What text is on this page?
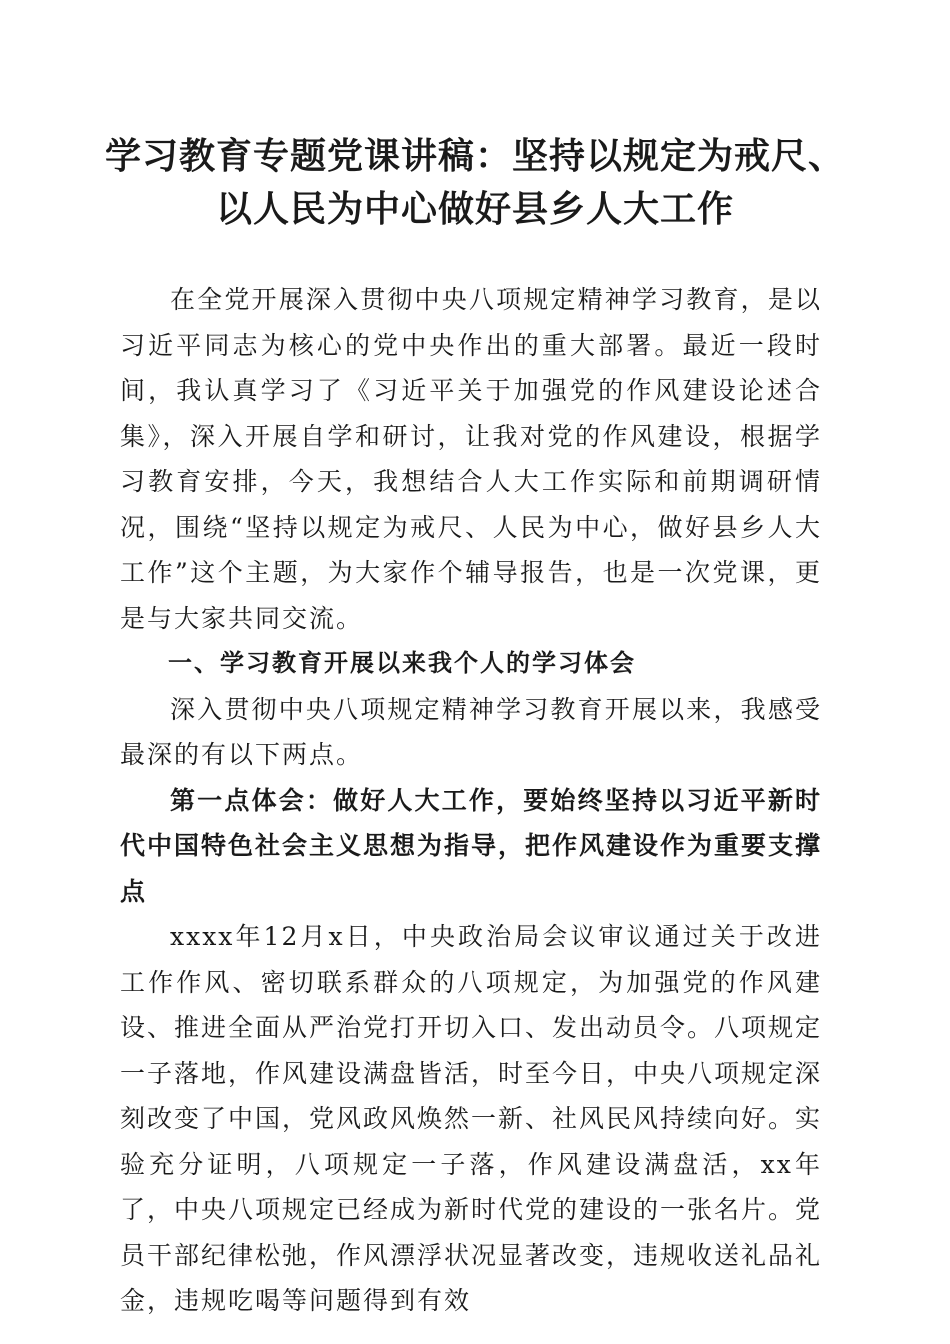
学习教育专题党课讲稿：坚持以规定为戒尺、
以人民为中心做好县乡人大工作

在全党开展深入贯彻中央八项规定精神学习教育，是以习近平同志为核心的党中央作出的重大部署。最近一段时间，我认真学习了《习近平关于加强党的作风建设论述合集》，深入开展自学和研讨，让我对党的作风建设，根据学习教育安排，今天，我想结合人大工作实际和前期调研情况，围绕“坚持以规定为戒尺、人民为中心，做好县乡人大工作”这个主题，为大家作个辅导报告，也是一次党课，更是与大家共同交流。

一、学习教育开展以来我个人的学习体会

深入贯彻中央八项规定精神学习教育开展以来，我感受最深的有以下两点。

第一点体会：做好人大工作，要始终坚持以习近平新时代中国特色社会主义思想为指导，把作风建设作为重要支撑点

xxxx年12月x日，中央政治局会议审议通过关于改进工作作风、密切联系群众的八项规定，为加强党的作风建设、推进全面从严治党打开切入口、发出动员令。八项规定一子落地，作风建设满盘皆活，时至今日，中央八项规定深刻改变了中国，党风政风焕然一新、社风民风持续向好。实验充分证明，八项规定一子落，作风建设满盘活，xx年了，中央八项规定已经成为新时代党的建设的一张名片。党员干部纪律松弛，作风漂浮状况显著改变，违规收送礼品礼金，违规吃喝等问题得到有效
